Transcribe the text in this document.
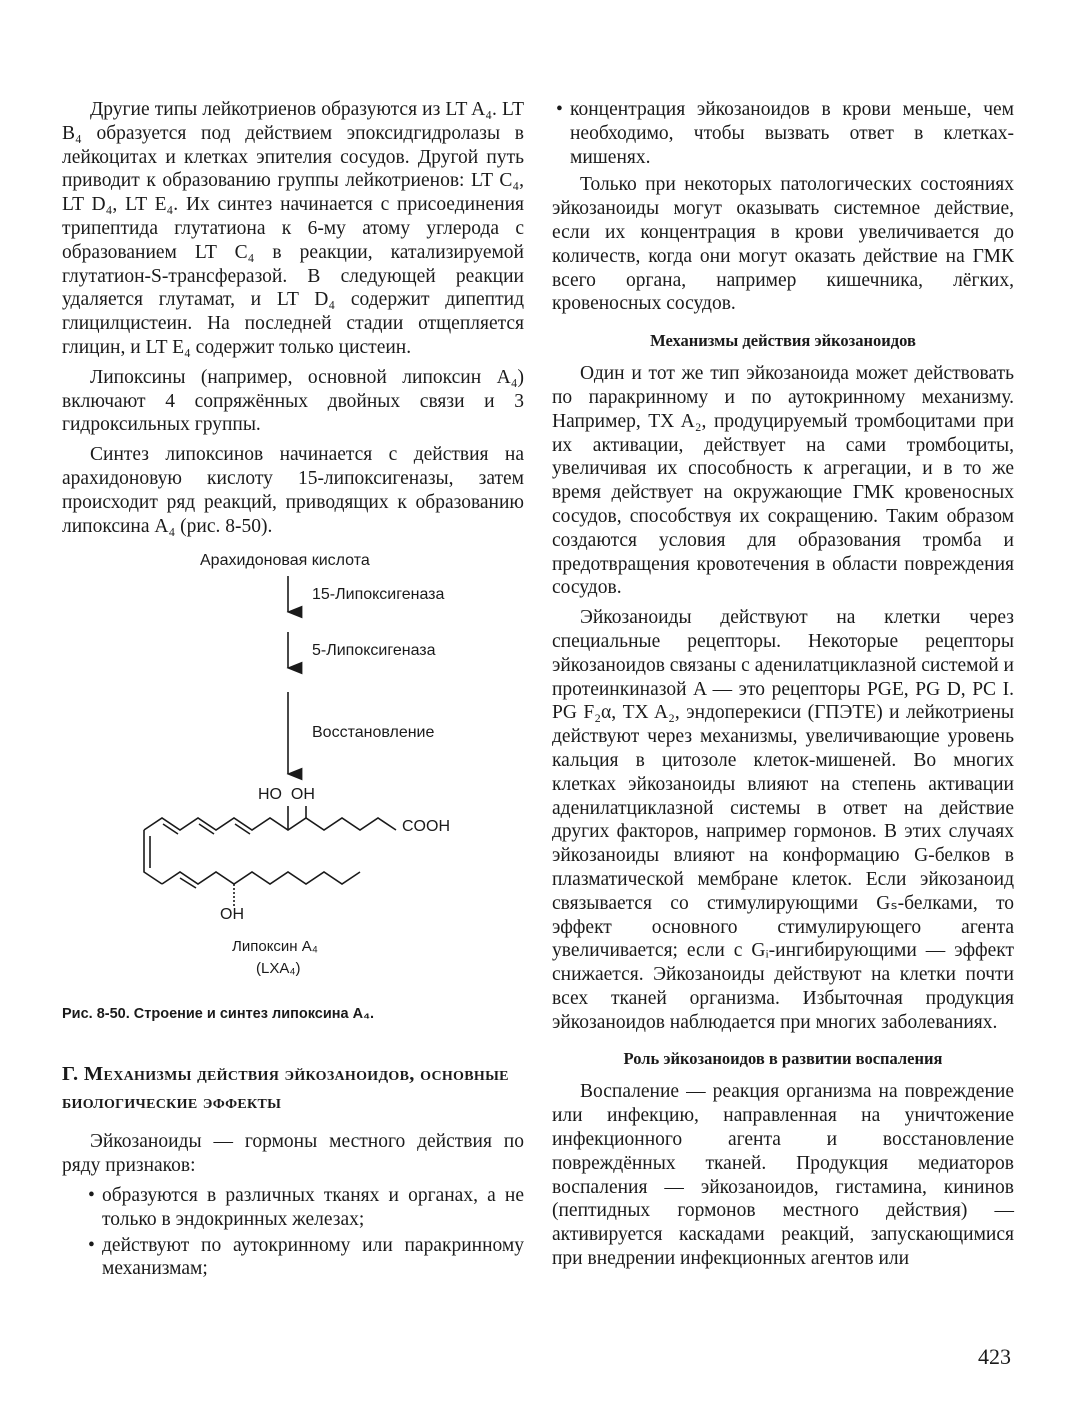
Другие типы лейкотриенов образуются из LT A₄. LT B₄ образуется под действием эпоксидгидролазы в лейкоцитах и клетках эпителия сосудов. Другой путь приводит к образованию группы лейкотриенов: LT C₄, LT D₄, LT E₄. Их синтез начинается с присоединения трипептида глутатиона к 6-му атому углерода с образованием LT C₄ в реакции, катализируемой глутатион-S-трансферазой. В следующей реакции удаляется глутамат, и LT D₄ содержит дипептид глицилцистеин. На последней стадии отщепляется глицин, и LT E₄ содержит только цистеин.

Липоксины (например, основной липоксин A₄) включают 4 сопряжённых двойных связи и 3 гидроксильных группы.

Синтез липоксинов начинается с действия на арахидоновую кислоту 15-липоксигеназы, затем происходит ряд реакций, приводящих к образованию липоксина A₄ (рис. 8-50).

Арахидоновая кислота
15-Липоксигеназа
5-Липоксигеназа
Восстановление
HO  OH
COOH
OH
Липоксин A₄
(LXA₄)
Рис. 8-50. Строение и синтез липоксина A₄.
Г. Механизмы действия эйкозаноидов, основные биологические эффекты

Эйкозаноиды — гормоны местного действия по ряду признаков:

• образуются в различных тканях и органах, а не только в эндокринных железах;
• действуют по аутокринному или паракринному механизмам;
• концентрация эйкозаноидов в крови меньше, чем необходимо, чтобы вызвать ответ в клетках-мишенях.

Только при некоторых патологических состояниях эйкозаноиды могут оказывать системное действие, если их концентрация в крови увеличивается до количеств, когда они могут оказать действие на ГМК всего органа, например кишечника, лёгких, кровеносных сосудов.

Механизмы действия эйкозаноидов

Один и тот же тип эйкозаноида может действовать по паракринному и по аутокринному механизму. Например, TX A₂, продуцируемый тромбоцитами при их активации, действует на сами тромбоциты, увеличивая их способность к агрегации, и в то же время действует на окружающие ГМК кровеносных сосудов, способствуя их сокращению. Таким образом создаются условия для образования тромба и предотвращения кровотечения в области повреждения сосудов.

Эйкозаноиды действуют на клетки через специальные рецепторы. Некоторые рецепторы эйкозаноидов связаны с аденилатциклазной системой и протеинкиназой A — это рецепторы PGE, PG D, PC I. PG F₂α, TX A₂, эндоперекиси (ГПЭТЕ) и лейкотриены действуют через механизмы, увеличивающие уровень кальция в цитозоле клеток-мишеней. Во многих клетках эйкозаноиды влияют на степень активации аденилатциклазной системы в ответ на действие других факторов, например гормонов. В этих случаях эйкозаноиды влияют на конформацию G-белков в плазматической мембране клеток. Если эйкозаноид связывается со стимулирующими Gₛ-белками, то эффект основного стимулирующего агента увеличивается; если с Gᵢ-ингибирующими — эффект снижается. Эйкозаноиды действуют на клетки почти всех тканей организма. Избыточная продукция эйкозаноидов наблюдается при многих заболеваниях.

Роль эйкозаноидов в развитии воспаления

Воспаление — реакция организма на повреждение или инфекцию, направленная на уничтожение инфекционного агента и восстановление повреждённых тканей. Продукция медиаторов воспаления — эйкозаноидов, гистамина, кининов (пептидных гормонов местного действия) — активируется каскадами реакций, запускающимися при внедрении инфекционных агентов или

423
